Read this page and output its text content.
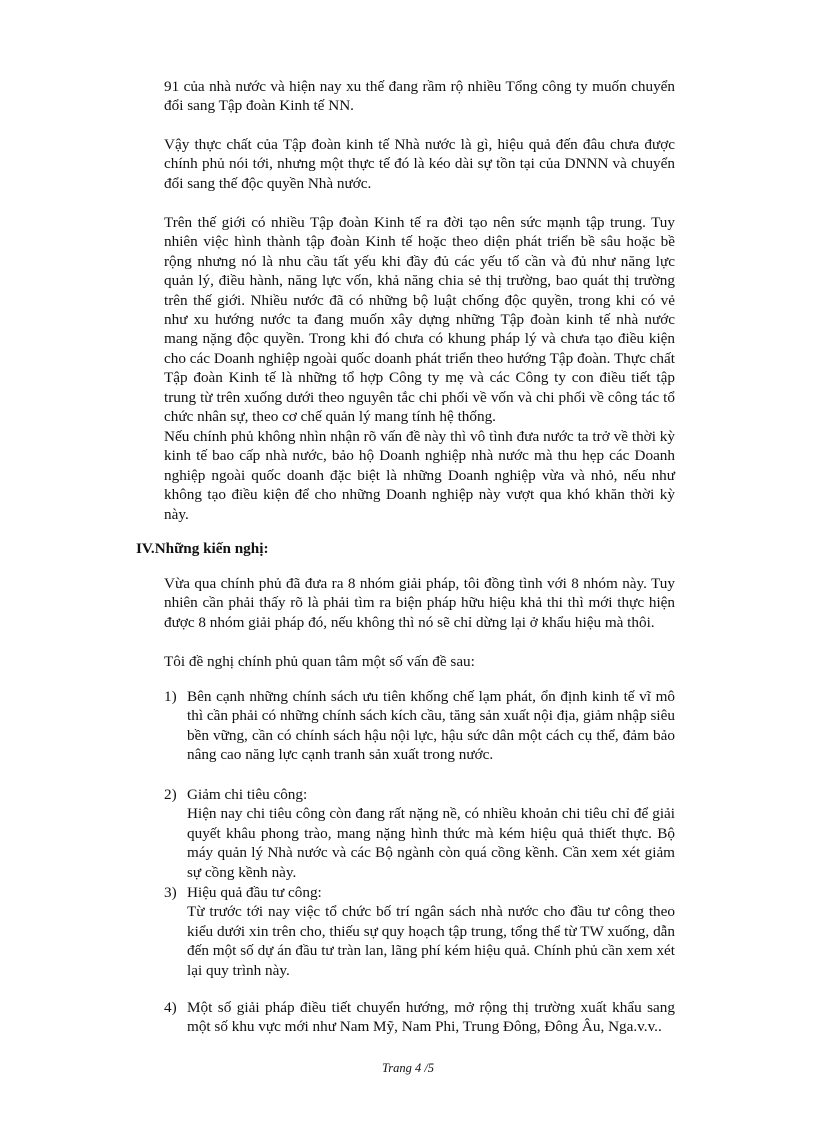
91 của nhà nước và hiện nay xu thế đang rầm rộ nhiều Tổng công ty muốn chuyển đổi sang Tập đoàn Kinh tế NN.

Vậy thực chất của Tập đoàn kinh tế Nhà nước là gì, hiệu quả đến đâu chưa được chính phủ nói tới, nhưng một thực tế đó là kéo dài sự tồn tại của DNNN và chuyển đổi sang thế độc quyền Nhà nước.

Trên thế giới có nhiều Tập đoàn Kinh tế ra đời tạo nên sức mạnh tập trung. Tuy nhiên việc hình thành tập đoàn Kinh tế hoặc theo diện phát triển bề sâu hoặc bề rộng nhưng nó là nhu cầu tất yếu khi đầy đủ các yếu tố cần và đủ như năng lực quản lý, điều hành, năng lực vốn, khả năng chia sẻ thị trường, bao quát thị trường trên thế giới. Nhiều nước đã có những bộ luật chống độc quyền, trong khi có vẻ như xu hướng nước ta đang muốn xây dựng những Tập đoàn kinh tế nhà nước mang nặng độc quyền. Trong khi đó chưa có khung pháp lý và chưa tạo điều kiện cho các Doanh nghiệp ngoài quốc doanh phát triển theo hướng Tập đoàn. Thực chất Tập đoàn Kinh tế là những tổ hợp Công ty mẹ và các Công ty con điều tiết tập trung từ trên xuống dưới theo nguyên tắc chi phối về vốn và chi phối về công tác tổ chức nhân sự, theo cơ chế quản lý mang tính hệ thống.

Nếu chính phủ không nhìn nhận rõ vấn đề này thì vô tình đưa nước ta trở về thời kỳ kinh tế bao cấp nhà nước, bảo hộ Doanh nghiệp nhà nước mà thu hẹp các Doanh nghiệp ngoài quốc doanh đặc biệt là những Doanh nghiệp vừa và nhỏ, nếu như không tạo điều kiện để cho những Doanh nghiệp này vượt qua khó khăn thời kỳ này.

IV.Những kiến nghị:

Vừa qua chính phủ đã đưa ra 8 nhóm giải pháp, tôi đồng tình với 8 nhóm này. Tuy nhiên cần phải thấy rõ là phải tìm ra biện pháp hữu hiệu khả thi thì mới thực hiện được 8 nhóm giải pháp đó, nếu không thì nó sẽ chỉ dừng lại ở khẩu hiệu mà thôi.

Tôi đề nghị chính phủ quan tâm một số vấn đề sau:

1) Bên cạnh những chính sách ưu tiên khống chế lạm phát, ổn định kinh tế vĩ mô thì cần phải có những chính sách kích cầu, tăng sản xuất nội địa, giảm nhập siêu bền vững, cần có chính sách hậu nội lực, hậu sức dân một cách cụ thể, đảm bảo nâng cao năng lực cạnh tranh sản xuất trong nước.
2) Giảm chi tiêu công:
Hiện nay chi tiêu công còn đang rất nặng nề, có nhiều khoản chi tiêu chỉ để giải quyết khâu phong trào, mang nặng hình thức mà kém hiệu quả thiết thực. Bộ máy quản lý Nhà nước và các Bộ ngành còn quá cồng kềnh. Cần xem xét giảm sự cồng kềnh này.
3) Hiệu quả đầu tư công:
Từ trước tới nay việc tổ chức bố trí ngân sách nhà nước cho đầu tư công theo kiểu dưới xin trên cho, thiếu sự quy hoạch tập trung, tổng thể từ TW xuống, dẫn đến một số dự án đầu tư tràn lan, lãng phí kém hiệu quả. Chính phủ cần xem xét lại quy trình này.
4) Một số giải pháp điều tiết chuyển hướng, mở rộng thị trường xuất khẩu sang một số khu vực mới như Nam Mỹ, Nam Phi, Trung Đông, Đông Âu, Nga.v.v..
Trang 4 /5
